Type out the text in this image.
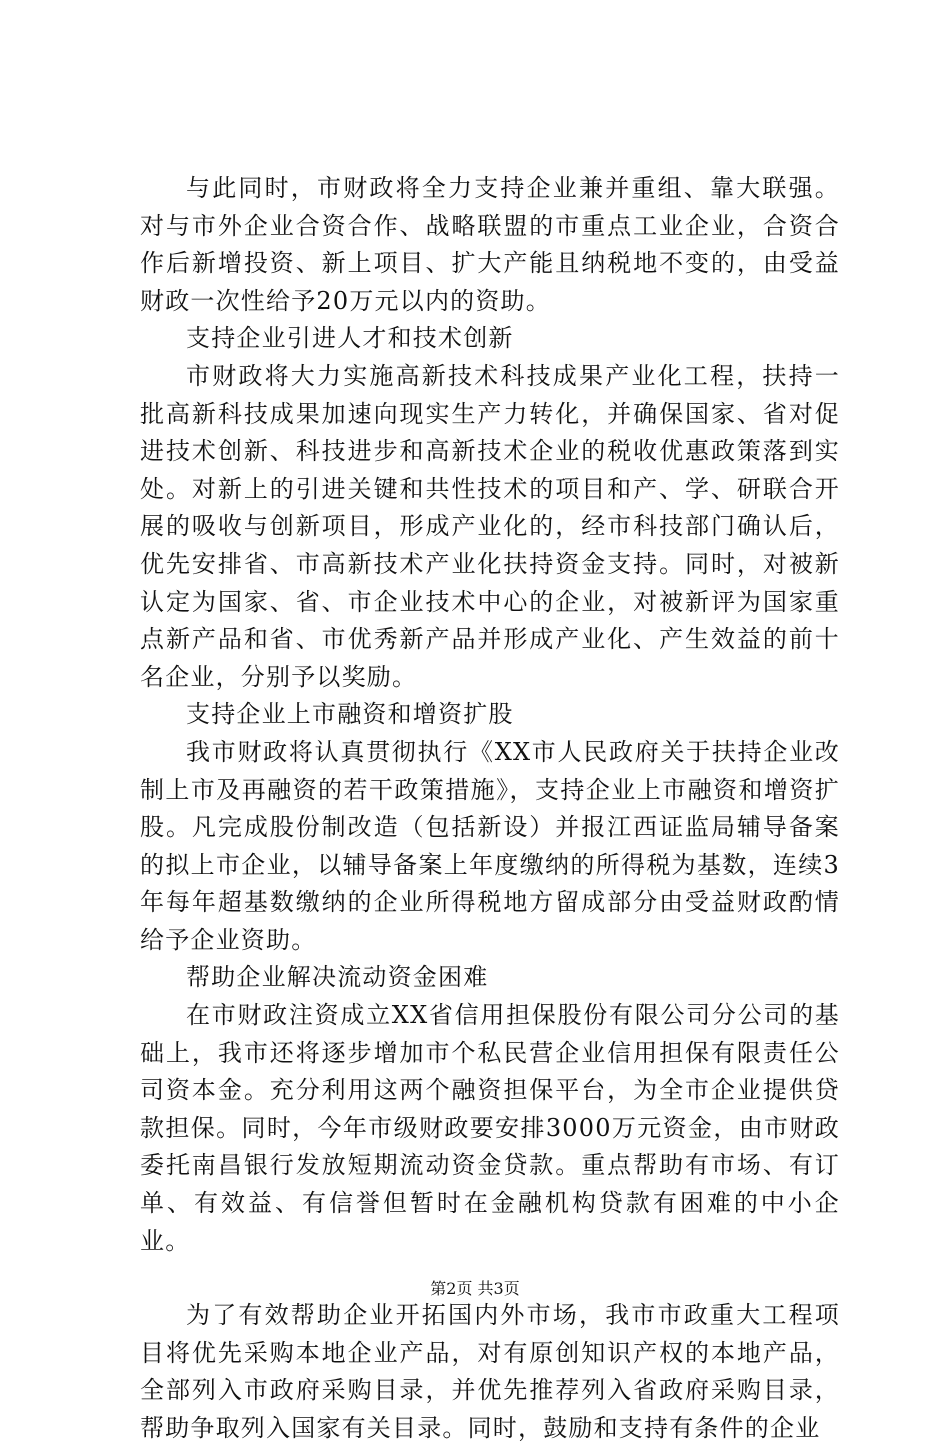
与此同时，市财政将全力支持企业兼并重组、靠大联强。对与市外企业合资合作、战略联盟的市重点工业企业，合资合作后新增投资、新上项目、扩大产能且纳税地不变的，由受益财政一次性给予20万元以内的资助。

支持企业引进人才和技术创新

市财政将大力实施高新技术科技成果产业化工程，扶持一批高新科技成果加速向现实生产力转化，并确保国家、省对促进技术创新、科技进步和高新技术企业的税收优惠政策落到实处。对新上的引进关键和共性技术的项目和产、学、研联合开展的吸收与创新项目，形成产业化的，经市科技部门确认后，优先安排省、市高新技术产业化扶持资金支持。同时，对被新认定为国家、省、市企业技术中心的企业，对被新评为国家重点新产品和省、市优秀新产品并形成产业化、产生效益的前十名企业，分别予以奖励。

支持企业上市融资和增资扩股

我市财政将认真贯彻执行《XX市人民政府关于扶持企业改制上市及再融资的若干政策措施》，支持企业上市融资和增资扩股。凡完成股份制改造（包括新设）并报江西证监局辅导备案的拟上市企业，以辅导备案上年度缴纳的所得税为基数，连续3年每年超基数缴纳的企业所得税地方留成部分由受益财政酌情给予企业资助。

帮助企业解决流动资金困难

在市财政注资成立XX省信用担保股份有限公司分公司的基础上，我市还将逐步增加市个私民营企业信用担保有限责任公司资本金。充分利用这两个融资担保平台，为全市企业提供贷款担保。同时，今年市级财政要安排3000万元资金，由市财政委托南昌银行发放短期流动资金贷款。重点帮助有市场、有订单、有效益、有信誉但暂时在金融机构贷款有困难的中小企业。

为了有效帮助企业开拓国内外市场，我市市政重大工程项目将优先采购本地企业产品，对有原创知识产权的本地产品，全部列入市政府采购目录，并优先推荐列入省政府采购目录，帮助争取列入国家有关目录。同时，鼓励和支持有条件的企业

第2页 共3页
